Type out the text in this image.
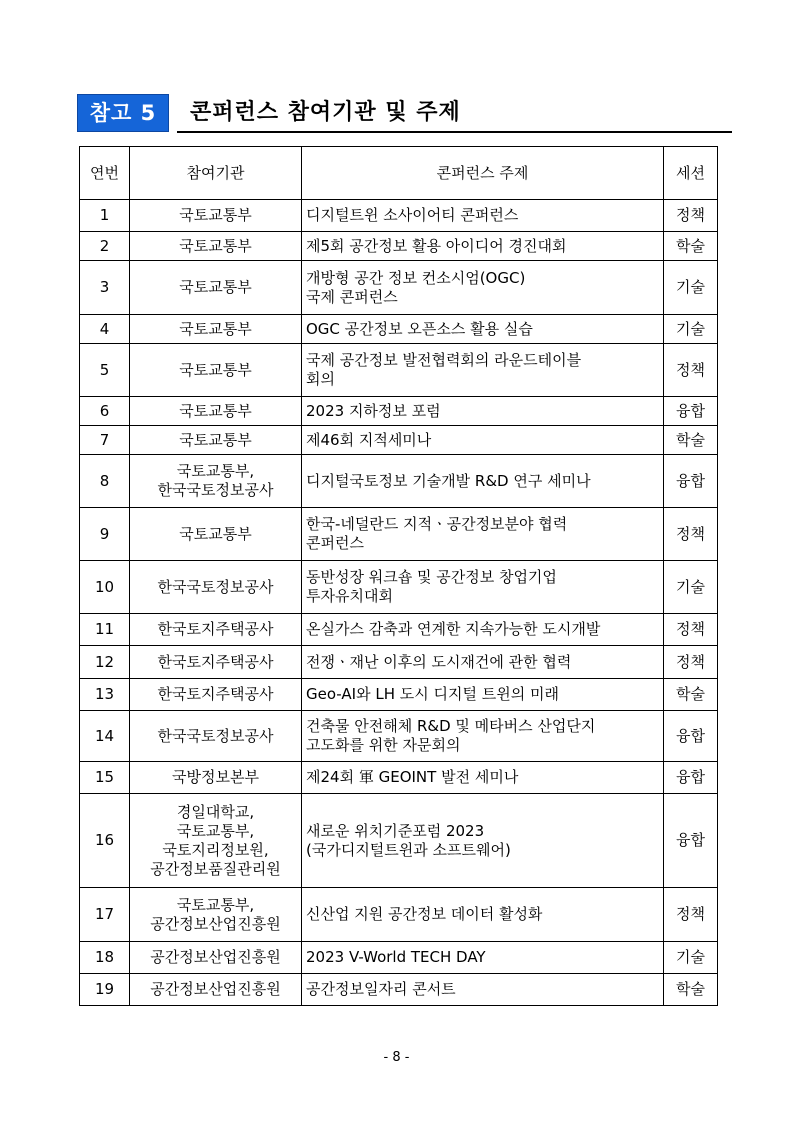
참고 5	콘퍼런스 참여기관 및 주제
연번	참여기관	콘퍼런스 주제	세션
1	국토교통부	디지털트윈 소사이어티 콘퍼런스	정책
2	국토교통부	제5회 공간정보 활용 아이디어 경진대회	학술
3	국토교통부	개방형 공간 정보 컨소시엄(OGC)
국제 콘퍼런스	기술
4	국토교통부	OGC 공간정보 오픈소스 활용 실습	기술
5	국토교통부	국제 공간정보 발전협력회의 라운드테이블
회의	정책
6	국토교통부	2023 지하정보 포럼	융합
7	국토교통부	제46회 지적세미나	학술
8	국토교통부,
한국국토정보공사	디지털국토정보 기술개발 R&D 연구 세미나	융합
9	국토교통부	한국-네덜란드 지적ㆍ공간정보분야 협력
콘퍼런스	정책
10	한국국토정보공사	동반성장 워크숍 및 공간정보 창업기업
투자유치대회	기술
11	한국토지주택공사	온실가스 감축과 연계한 지속가능한 도시개발	정책
12	한국토지주택공사	전쟁ㆍ재난 이후의 도시재건에 관한 협력	정책
13	한국토지주택공사	Geo-AI와 LH 도시 디지털 트윈의 미래	학술
14	한국국토정보공사	건축물 안전해체 R&D 및 메타버스 산업단지
고도화를 위한 자문회의	융합
15	국방정보본부	제24회 軍 GEOINT 발전 세미나	융합
16	경일대학교,
국토교통부,
국토지리정보원,
공간정보품질관리원	새로운 위치기준포럼 2023
(국가디지털트윈과 소프트웨어)	융합
17	국토교통부,
공간정보산업진흥원	신산업 지원 공간정보 데이터 활성화	정책
18	공간정보산업진흥원	2023 V-World TECH DAY	기술
19	공간정보산업진흥원	공간정보일자리 콘서트	학술
- 8 -
